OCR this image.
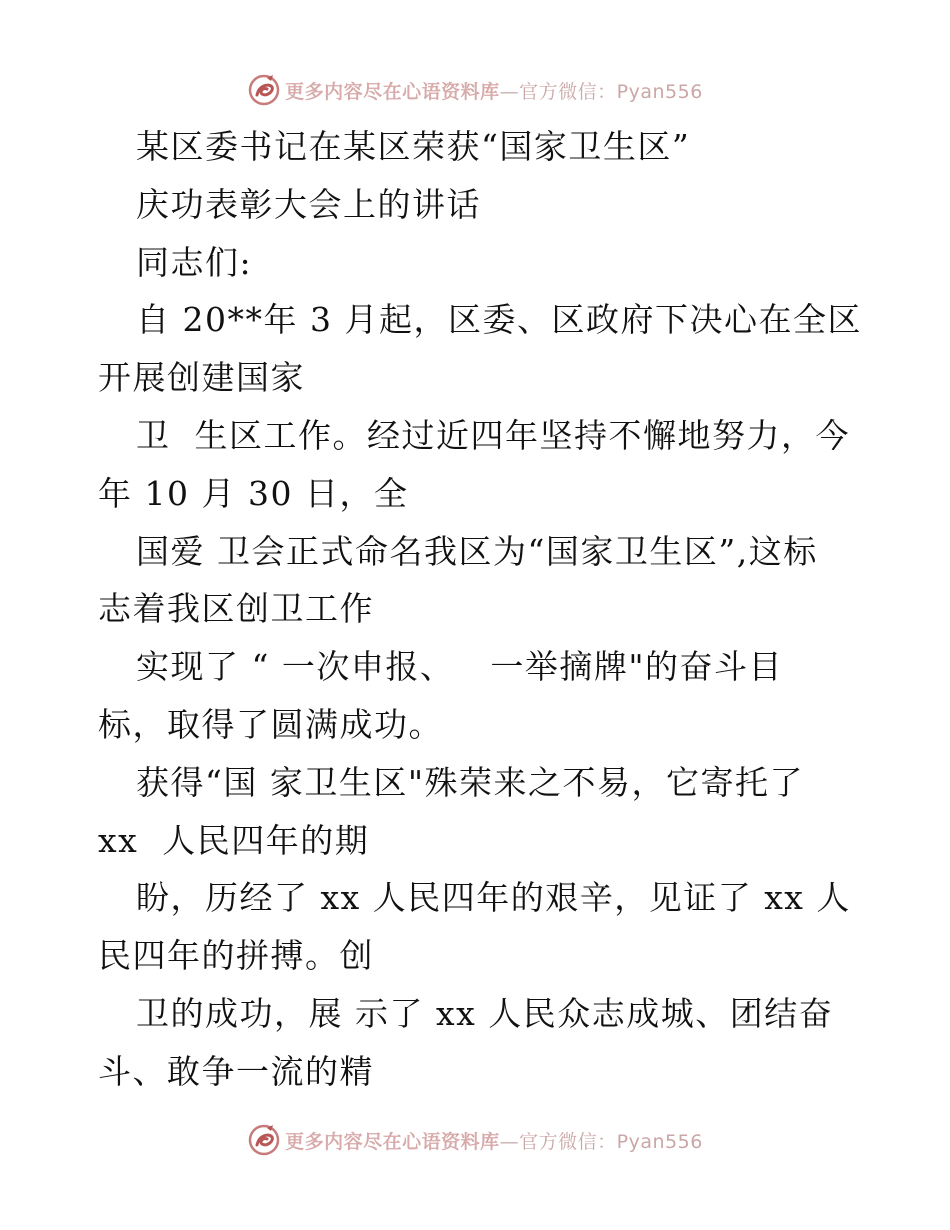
更多内容尽在心语资料库—官方微信：Pyan556
某区委书记在某区荣获“国家卫生区”
庆功表彰大会上的讲话
同志们:
自 20**年 3 月起，区委、区政府下决心在全区
开展创建国家
卫  生区工作。经过近四年坚持不懈地努力，今
年 10 月 30 日，全
国爱 卫会正式命名我区为“国家卫生区”,这标
志着我区创卫工作
实现了 “ 一次申报、   一举摘牌"的奋斗目
标，取得了圆满成功。
获得“国 家卫生区"殊荣来之不易，它寄托了
xx  人民四年的期
盼，历经了 xx 人民四年的艰辛，见证了 xx 人
民四年的拼搏。创
卫的成功，展 示了 xx 人民众志成城、团结奋
斗、敢争一流的精
更多内容尽在心语资料库—官方微信：Pyan556
